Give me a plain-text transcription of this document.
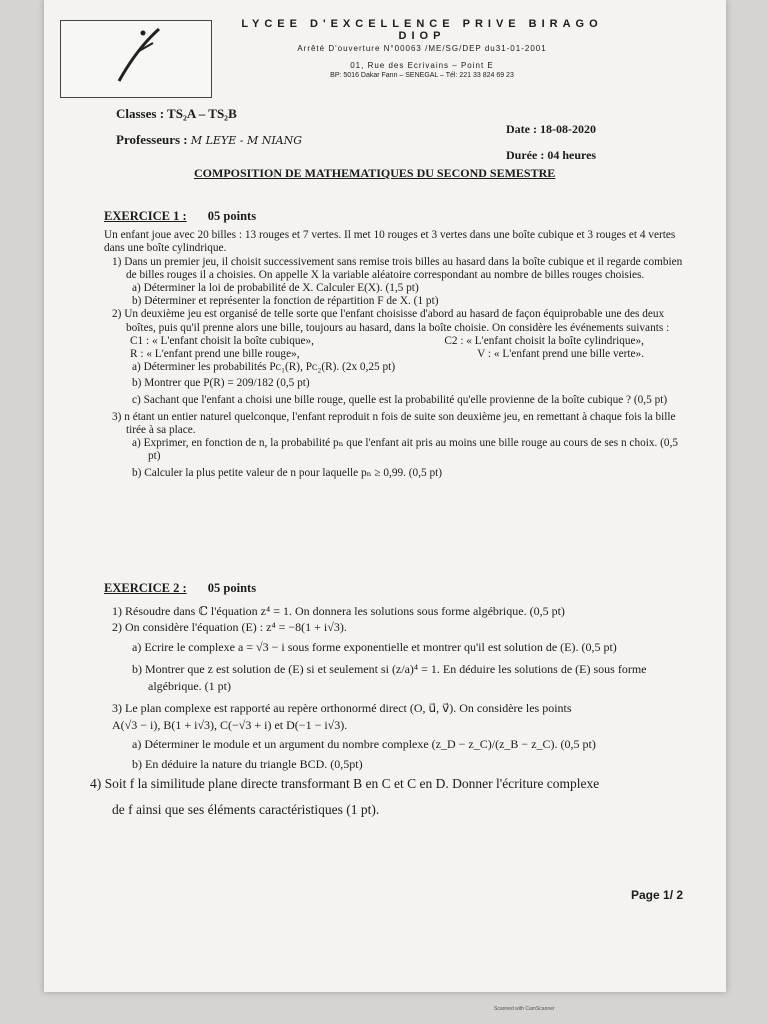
LYCEE D'EXCELLENCE PRIVE BIRAGO DIOP
Arrêté D'ouverture N°00063 /ME/SG/DEP du31-01-2001
01, Rue des Ecrivains – Point E
BP: 5016 Dakar Fann – SENEGAL – Tél: 221 33 824 69 23
Classes : TS₂A – TS₂B
Professeurs : M LEYE - M NIANG
Date : 18-08-2020
Durée : 04 heures
COMPOSITION DE MATHEMATIQUES DU SECOND SEMESTRE
EXERCICE 1 : 05 points

Un enfant joue avec 20 billes : 13 rouges et 7 vertes. Il met 10 rouges et 3 vertes dans une boîte cubique et 3 rouges et 4 vertes dans une boîte cylindrique.

1) Dans un premier jeu, il choisit successivement sans remise trois billes au hasard dans la boîte cubique et il regarde combien de billes rouges il a choisies. On appelle X la variable aléatoire correspondant au nombre de billes rouges choisies.

a) Déterminer la loi de probabilité de X. Calculer E(X). (1,5 pt)

b) Déterminer et représenter la fonction de répartition F de X. (1 pt)

2) Un deuxième jeu est organisé de telle sorte que l'enfant choisisse d'abord au hasard de façon équiprobable une des deux boîtes, puis qu'il prenne alors une bille, toujours au hasard, dans la boîte choisie. On considère les événements suivants :

C1 : « L'enfant choisit la boîte cubique»,	C2 : « L'enfant choisit la boîte cylindrique»,
R : « L'enfant prend une bille rouge»,	V : « L'enfant prend une bille verte».

a) Déterminer les probabilités Pᴄ₁(R), Pᴄ₂(R). (2x 0,25 pt)

b) Montrer que P(R) = 209/182 (0,5 pt)

c) Sachant que l'enfant a choisi une bille rouge, quelle est la probabilité qu'elle provienne de la boîte cubique ? (0,5 pt)

3) n étant un entier naturel quelconque, l'enfant reproduit n fois de suite son deuxième jeu, en remettant à chaque fois la bille tirée à sa place.

a) Exprimer, en fonction de n, la probabilité pₙ que l'enfant ait pris au moins une bille rouge au cours de ses n choix. (0,5 pt)

b) Calculer la plus petite valeur de n pour laquelle pₙ ≥ 0,99. (0,5 pt)

EXERCICE 2 : 05 points

1) Résoudre dans ℂ l'équation z⁴ = 1. On donnera les solutions sous forme algébrique. (0,5 pt)

2) On considère l'équation (E) : z⁴ = −8(1 + i√3).

a) Ecrire le complexe a = √3 − i sous forme exponentielle et montrer qu'il est solution de (E). (0,5 pt)

b) Montrer que z est solution de (E) si et seulement si (z/a)⁴ = 1. En déduire les solutions de (E) sous forme algébrique. (1 pt)

3) Le plan complexe est rapporté au repère orthonormé direct (O, u⃗, v⃗). On considère les points

A(√3 − i), B(1 + i√3), C(−√3 + i) et D(−1 − i√3).

a) Déterminer le module et un argument du nombre complexe (z_D − z_C)/(z_B − z_C). (0,5 pt)

b) En déduire la nature du triangle BCD. (0,5pt)

4) Soit f la similitude plane directe transformant B en C et C en D. Donner l'écriture complexe

de f ainsi que ses éléments caractéristiques (1 pt).

Page 1/ 2
Scanned with CamScanner
